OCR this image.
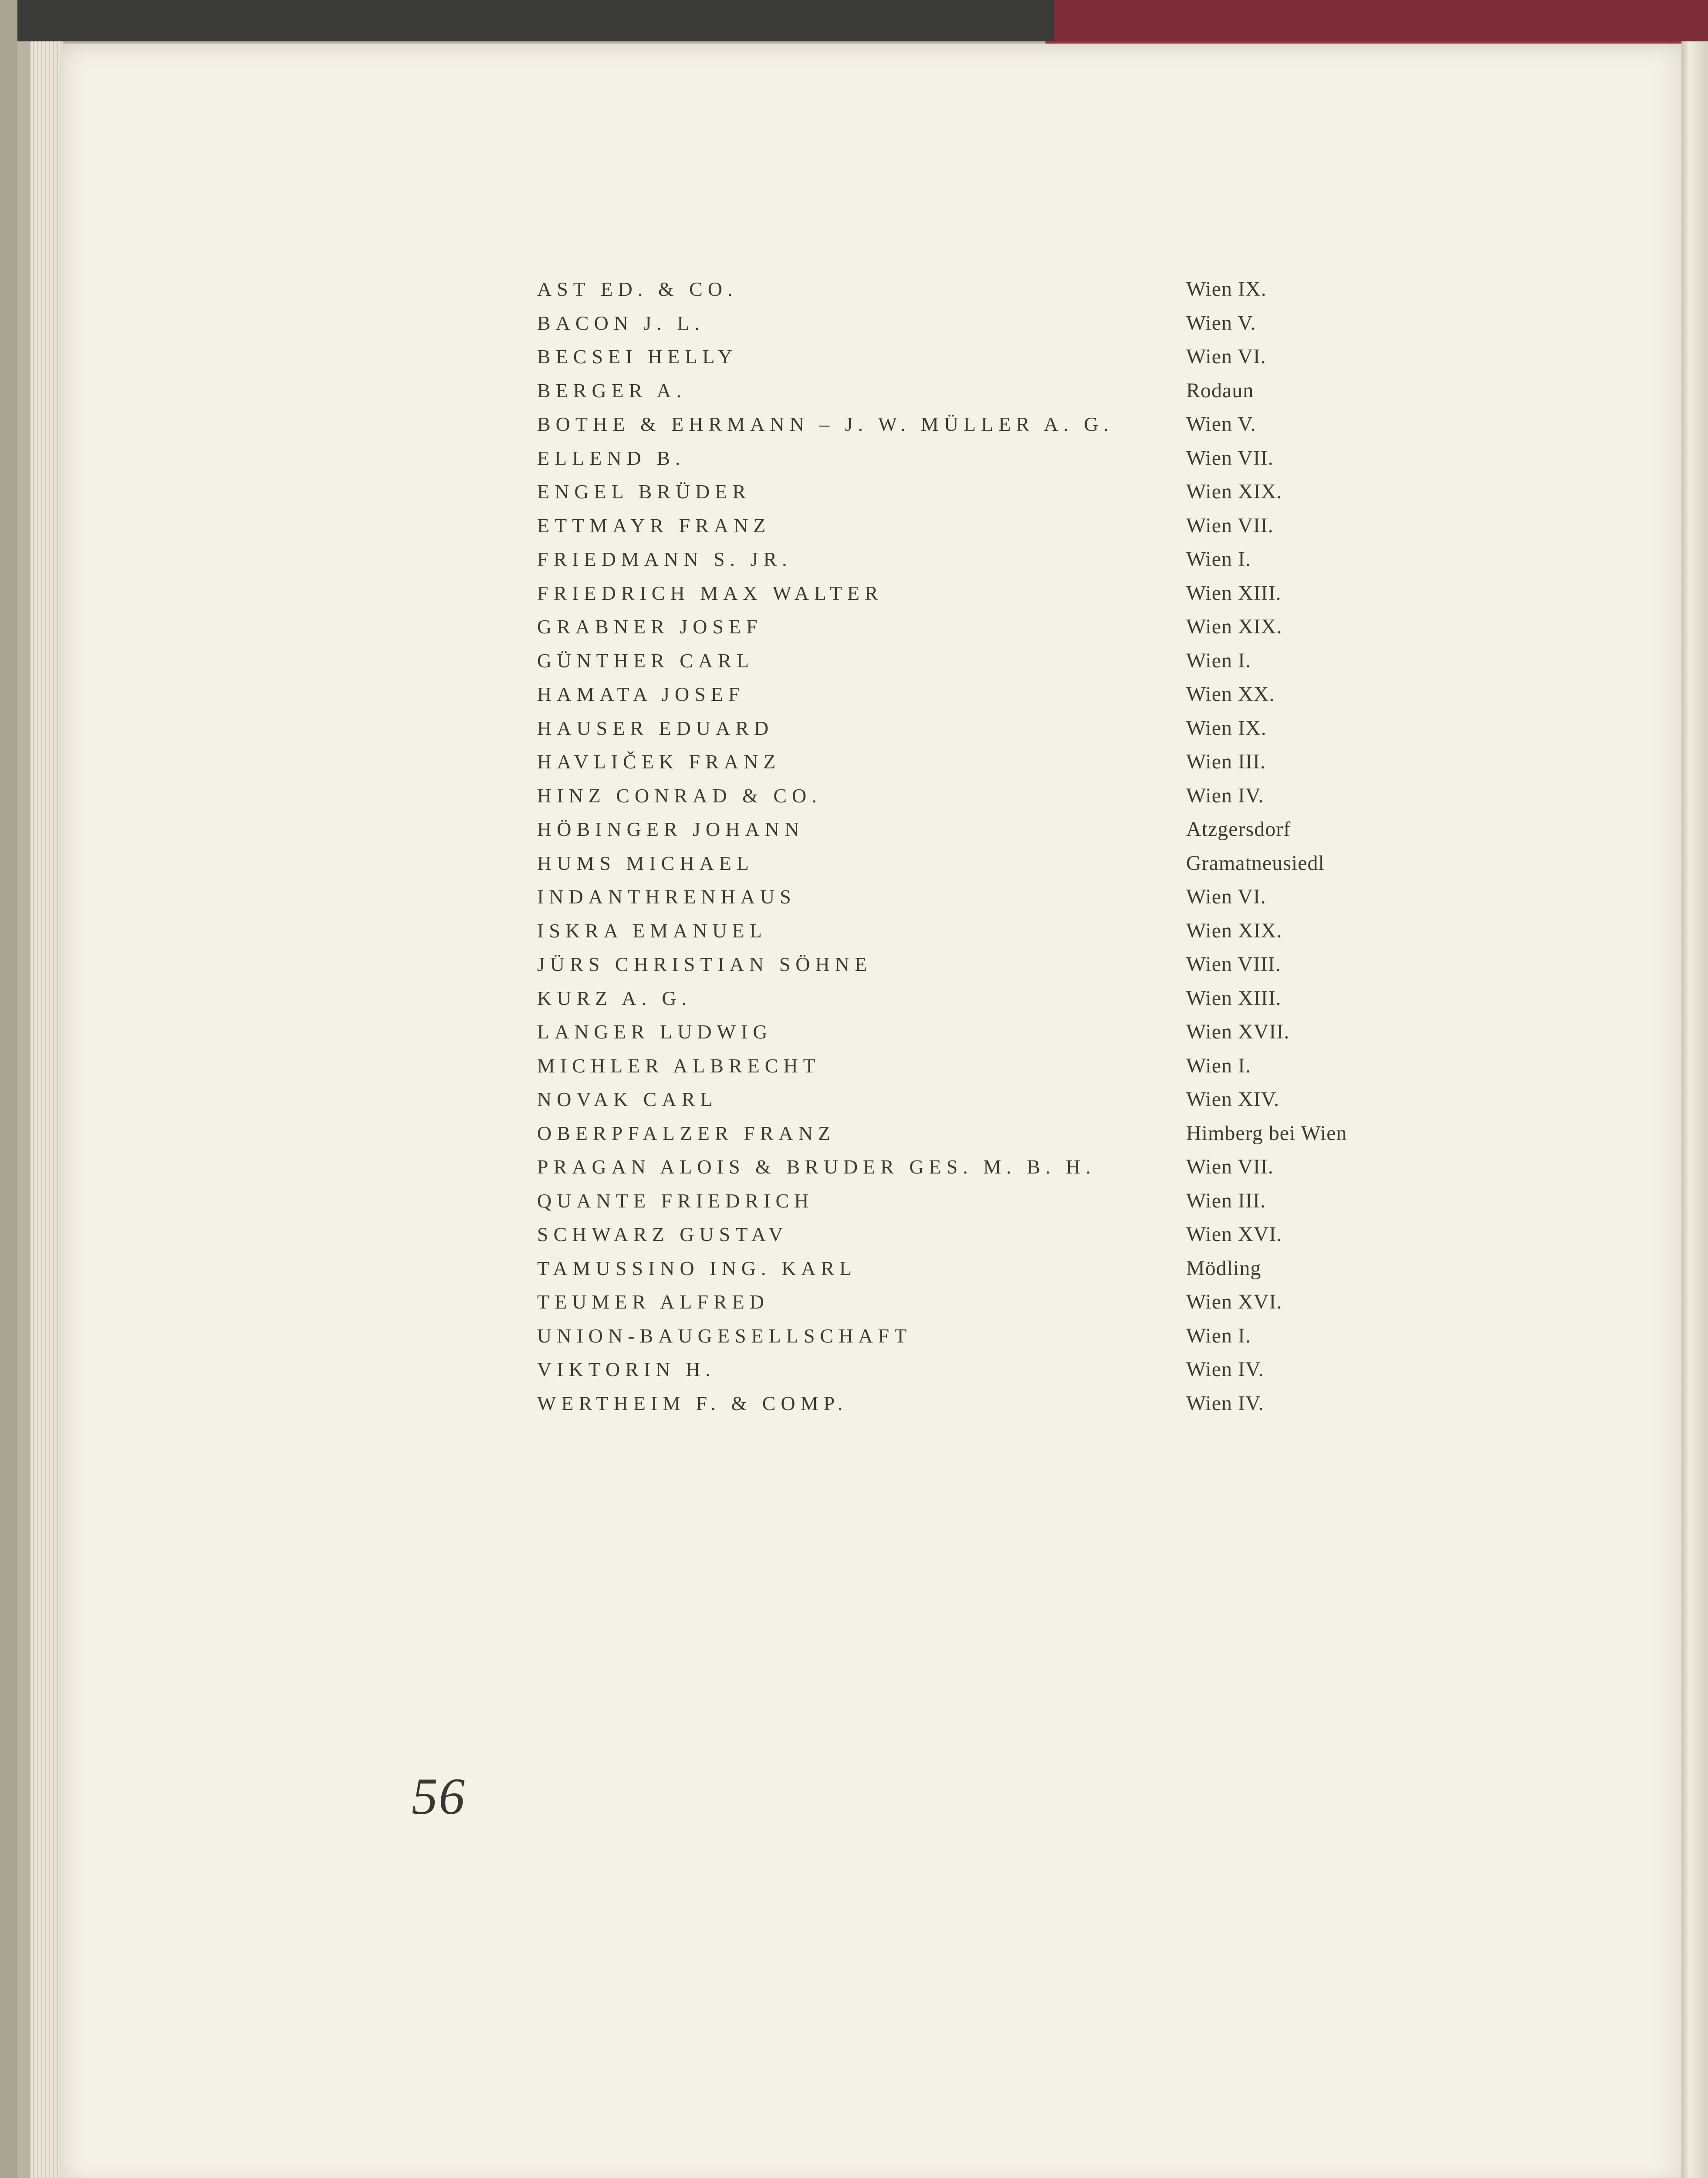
AST ED. & CO.	Wien IX.
BACON J. L.	Wien V.
BECSEI HELLY	Wien VI.
BERGER A.	Rodaun
BOTHE & EHRMANN – J. W. MÜLLER A. G.	Wien V.
ELLEND B.	Wien VII.
ENGEL BRÜDER	Wien XIX.
ETTMAYR FRANZ	Wien VII.
FRIEDMANN S. JR.	Wien I.
FRIEDRICH MAX WALTER	Wien XIII.
GRABNER JOSEF	Wien XIX.
GÜNTHER CARL	Wien I.
HAMATA JOSEF	Wien XX.
HAUSER EDUARD	Wien IX.
HAVLIČEK FRANZ	Wien III.
HINZ CONRAD & CO.	Wien IV.
HÖBINGER JOHANN	Atzgersdorf
HUMS MICHAEL	Gramatneusiedl
INDANTHRENHAUS	Wien VI.
ISKRA EMANUEL	Wien XIX.
JÜRS CHRISTIAN SÖHNE	Wien VIII.
KURZ A. G.	Wien XIII.
LANGER LUDWIG	Wien XVII.
MICHLER ALBRECHT	Wien I.
NOVAK CARL	Wien XIV.
OBERPFALZER FRANZ	Himberg bei Wien
PRAGAN ALOIS & BRUDER GES. M. B. H.	Wien VII.
QUANTE FRIEDRICH	Wien III.
SCHWARZ GUSTAV	Wien XVI.
TAMUSSINO ING. KARL	Mödling
TEUMER ALFRED	Wien XVI.
UNION-BAUGESELLSCHAFT	Wien I.
VIKTORIN H.	Wien IV.
WERTHEIM F. & COMP.	Wien IV.
56
